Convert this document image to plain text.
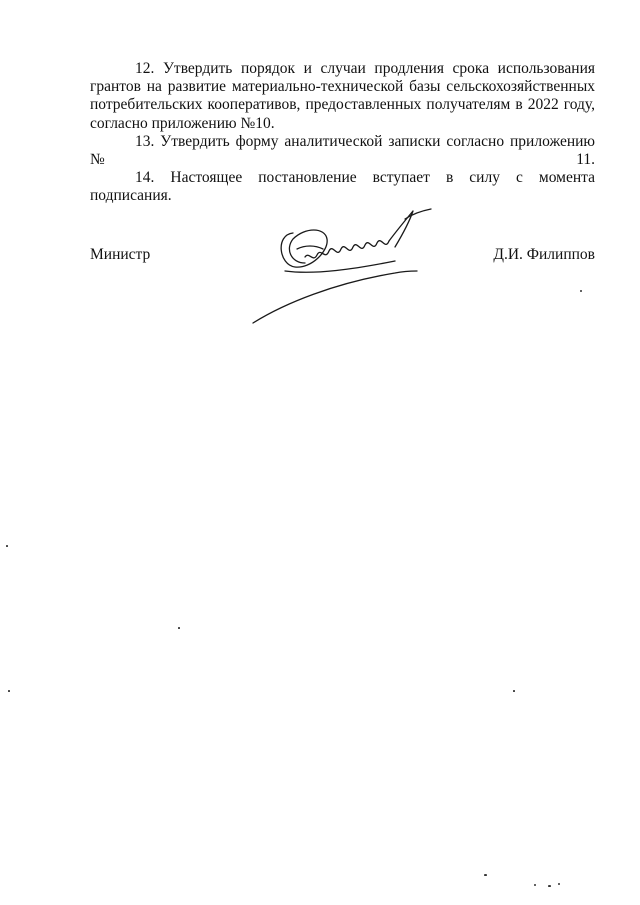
12. Утвердить порядок и случаи продления срока использования грантов на развитие материально-технической базы сельскохозяйственных потребительских кооперативов, предоставленных получателям в 2022 году, согласно приложению №10.

13. Утвердить форму аналитической записки согласно приложению № 11.

14. Настоящее постановление вступает в силу с момента подписания.

Министр	Д.И. Филиппов
